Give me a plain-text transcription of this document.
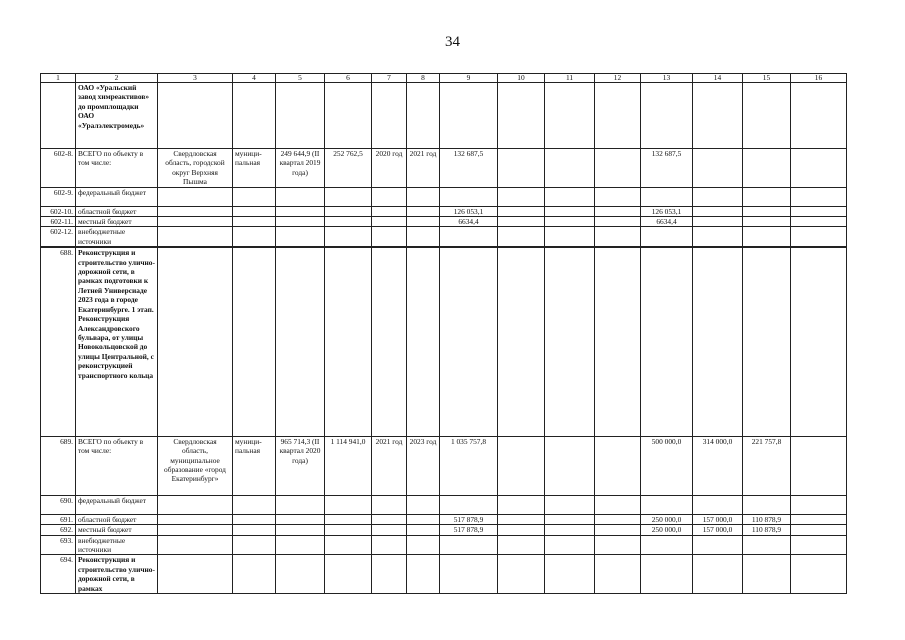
34
1	2	3	4	5	6	7	8	9	10	11	12	13	14	15	16
	ОАО «Уральский завод химреактивов» до промплощадки ОАО «Уралэлектромедь»														
602-8.	ВСЕГО по объекту в том числе:	Свердловская область, городской округ Верхняя Пышма	муници-пальная	249 644,9 (II квартал 2019 года)	252 762,5	2020 год	2021 год	132 687,5				132 687,5			
602-9.	федеральный бюджет														
602-10.	областной бюджет							126 053,1				126 053,1			
602-11.	местный бюджет							6634,4				6634,4			
602-12.	внебюджетные источники														
688.	Реконструкция и строительство улично-дорожной сети, в рамках подготовки к Летней Универсиаде 2023 года в городе Екатеринбурге. 1 этап. Реконструкция Александровского бульвара, от улицы Новокольцовской до улицы Центральной, с реконструкцией транспортного кольца														
689.	ВСЕГО по объекту в том числе:	Свердловская область, муниципальное образование «город Екатеринбург»	муници-пальная	965 714,3 (II квартал 2020 года)	1 114 941,0	2021 год	2023 год	1 035 757,8				500 000,0	314 000,0	221 757,8	
690.	федеральный бюджет														
691.	областной бюджет							517 878,9				250 000,0	157 000,0	110 878,9	
692.	местный бюджет							517 878,9				250 000,0	157 000,0	110 878,9	
693.	внебюджетные источники														
694.	Реконструкция и строительство улично-дорожной сети, в рамках														
